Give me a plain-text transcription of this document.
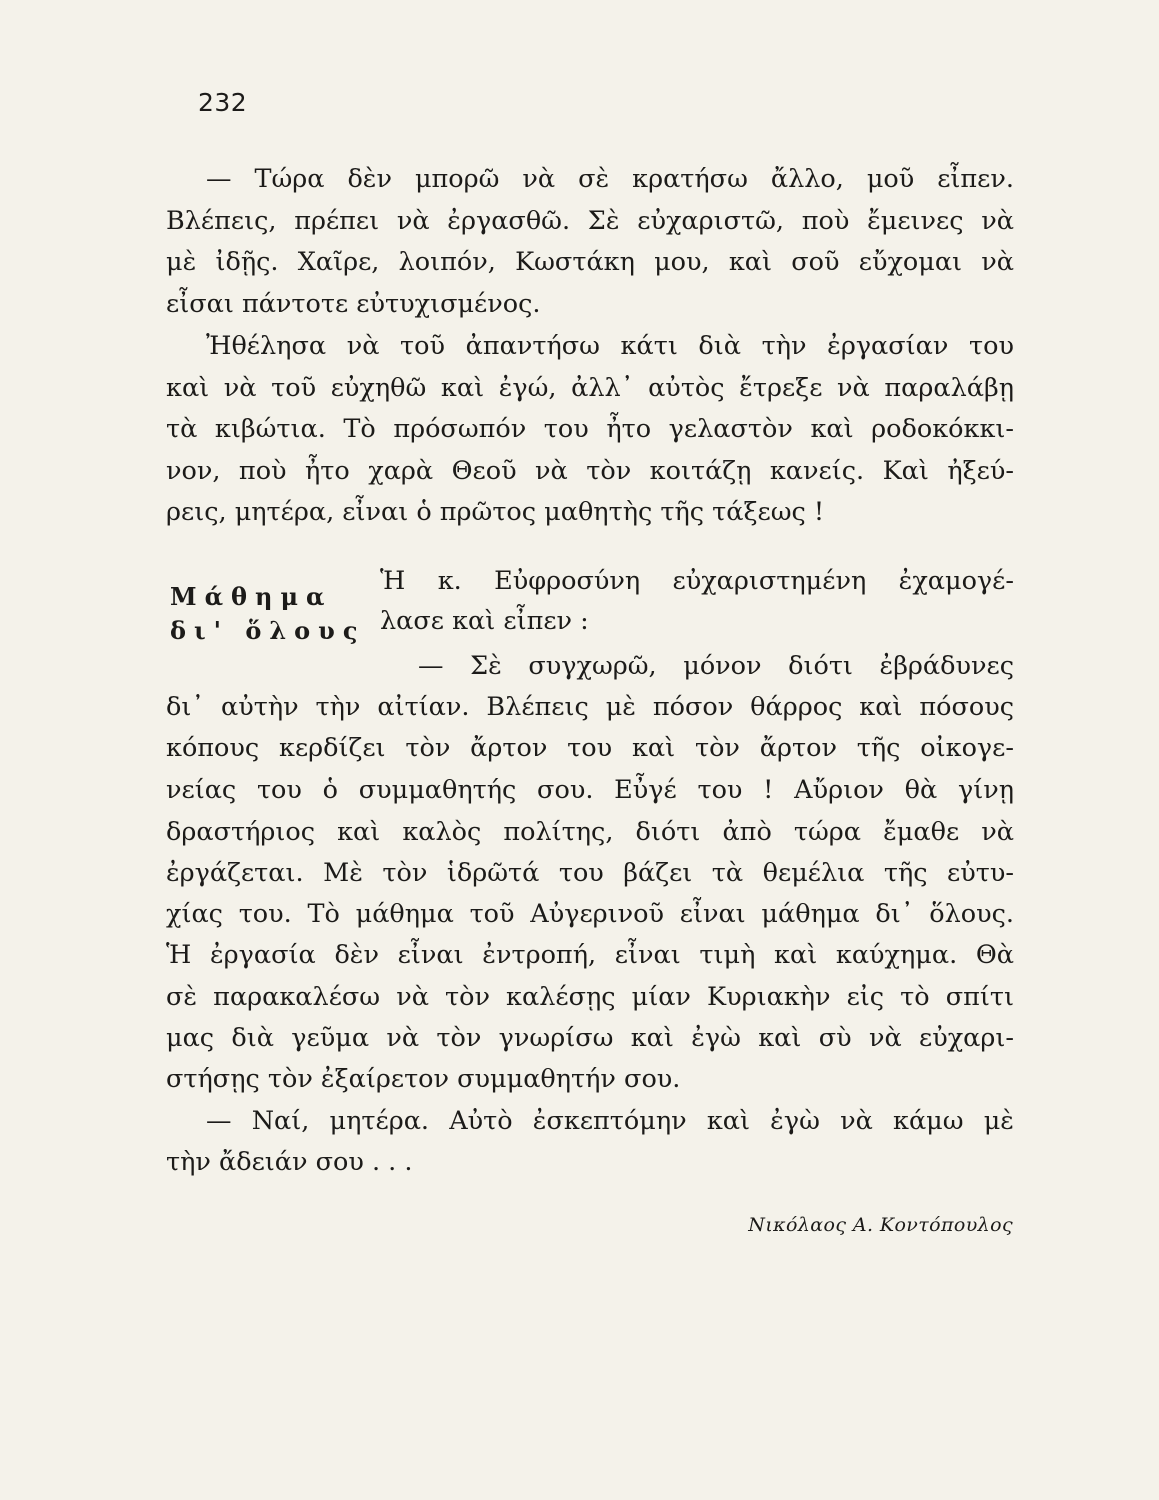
232
— Τώρα δὲν μπορῶ νὰ σὲ κρατήσω ἄλλο, μοῦ εἶπεν.
Βλέπεις, πρέπει νὰ ἐργασθῶ. Σὲ εὐχαριστῶ, ποὺ ἔμεινες νὰ
μὲ ἰδῇς. Χαῖρε, λοιπόν, Κωστάκη μου, καὶ σοῦ εὔχομαι νὰ
εἶσαι πάντοτε εὐτυχισμένος.
Ἠθέλησα νὰ τοῦ ἀπαντήσω κάτι διὰ τὴν ἐργασίαν του
καὶ νὰ τοῦ εὐχηθῶ καὶ ἐγώ, ἀλλ᾽ αὐτὸς ἔτρεξε νὰ παραλάβῃ
τὰ κιβώτια. Τὸ πρόσωπόν του ἦτο γελαστὸν καὶ ροδοκόκκι-
νον, ποὺ ἦτο χαρὰ Θεοῦ νὰ τὸν κοιτάζῃ κανείς. Καὶ ἠξεύ-
ρεις, μητέρα, εἶναι ὁ πρῶτος μαθητὴς τῆς τάξεως !
Μάθημα
δι' ὅλους
Ἡ κ. Εὐφροσύνη εὐχαριστημένη ἐχαμογέ-
λασε καὶ εἶπεν :
— Σὲ συγχωρῶ, μόνον διότι ἐβράδυνες
δι᾽ αὐτὴν τὴν αἰτίαν. Βλέπεις μὲ πόσον θάρρος καὶ πόσους
κόπους κερδίζει τὸν ἄρτον του καὶ τὸν ἄρτον τῆς οἰκογε-
νείας του ὁ συμμαθητής σου. Εὖγέ του ! Αὔριον θὰ γίνῃ
δραστήριος καὶ καλὸς πολίτης, διότι ἀπὸ τώρα ἔμαθε νὰ
ἐργάζεται. Μὲ τὸν ἱδρῶτά του βάζει τὰ θεμέλια τῆς εὐτυ-
χίας του. Τὸ μάθημα τοῦ Αὐγερινοῦ εἶναι μάθημα δι᾽ ὅλους.
Ἡ ἐργασία δὲν εἶναι ἐντροπή, εἶναι τιμὴ καὶ καύχημα. Θὰ
σὲ παρακαλέσω νὰ τὸν καλέσῃς μίαν Κυριακὴν εἰς τὸ σπίτι
μας διὰ γεῦμα νὰ τὸν γνωρίσω καὶ ἐγὼ καὶ σὺ νὰ εὐχαρι-
στήσῃς τὸν ἐξαίρετον συμμαθητήν σου.
— Ναί, μητέρα. Αὐτὸ ἐσκεπτόμην καὶ ἐγὼ νὰ κάμω μὲ
τὴν ἄδειάν σου . . .
Νικόλαος Α. Κοντόπουλος
